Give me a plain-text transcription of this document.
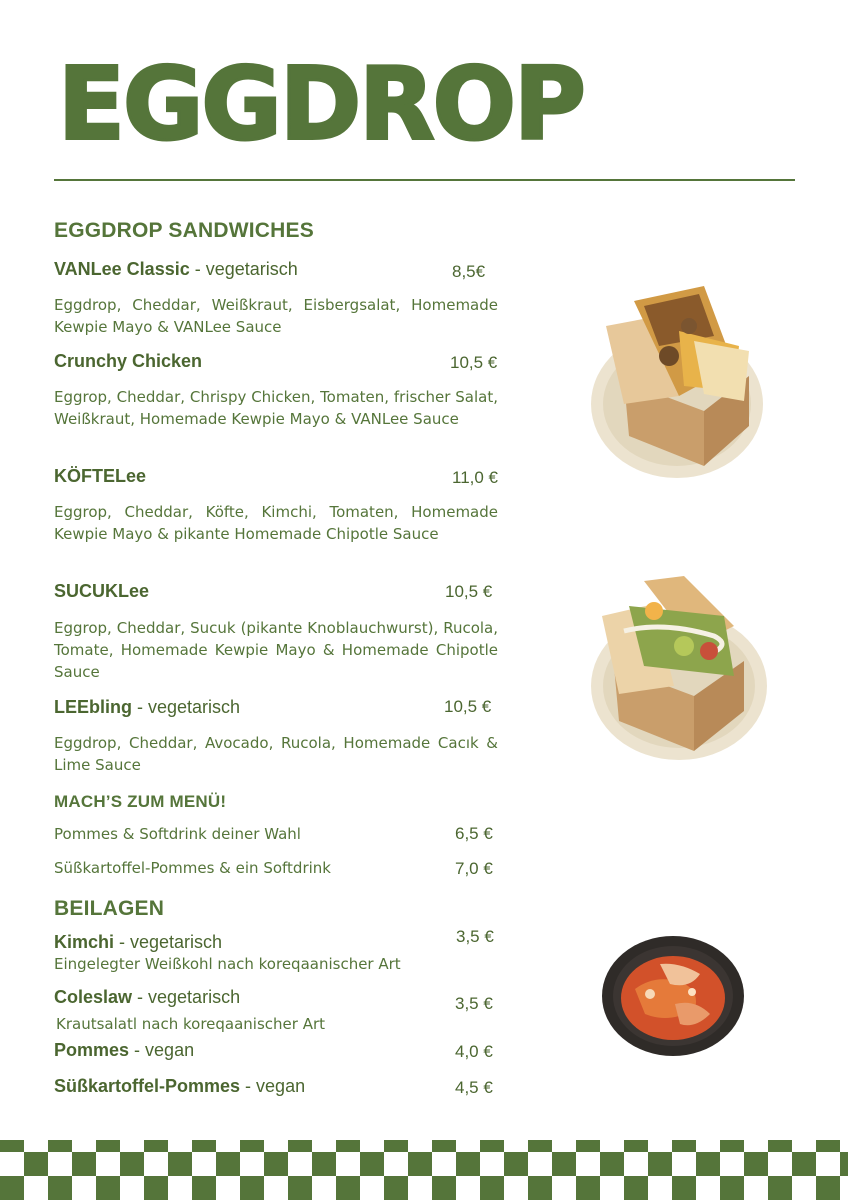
EGGDROP
EGGDROP SANDWICHES
VANLee Classic - vegetarisch	8,5€
Eggdrop, Cheddar, Weißkraut, Eisbergsalat, Homemade Kewpie Mayo & VANLee Sauce
Crunchy Chicken	10,5 €
Eggrop, Cheddar, Chrispy Chicken, Tomaten, frischer Salat, Weißkraut, Homemade Kewpie Mayo & VANLee Sauce
KÖFTELee	11,0 €
Eggrop, Cheddar, Köfte, Kimchi, Tomaten, Homemade Kewpie Mayo & pikante Homemade Chipotle Sauce
SUCUKLee	10,5 €
Eggrop, Cheddar, Sucuk (pikante Knoblauchwurst), Rucola, Tomate, Homemade Kewpie Mayo & Homemade Chipotle Sauce
LEEbling - vegetarisch	10,5 €
Eggdrop, Cheddar, Avocado, Rucola, Homemade Cacık & Lime Sauce
MACH’S ZUM MENÜ!
Pommes & Softdrink deiner Wahl	6,5 €
Süßkartoffel-Pommes & ein Softdrink	7,0 €
BEILAGEN
Kimchi - vegetarisch	3,5 €
Eingelegter Weißkohl nach koreqaanischer Art
Coleslaw - vegetarisch	3,5 €
Krautsalatl nach koreqaanischer Art
Pommes - vegan	4,0 €
Süßkartoffel-Pommes - vegan	4,5 €
